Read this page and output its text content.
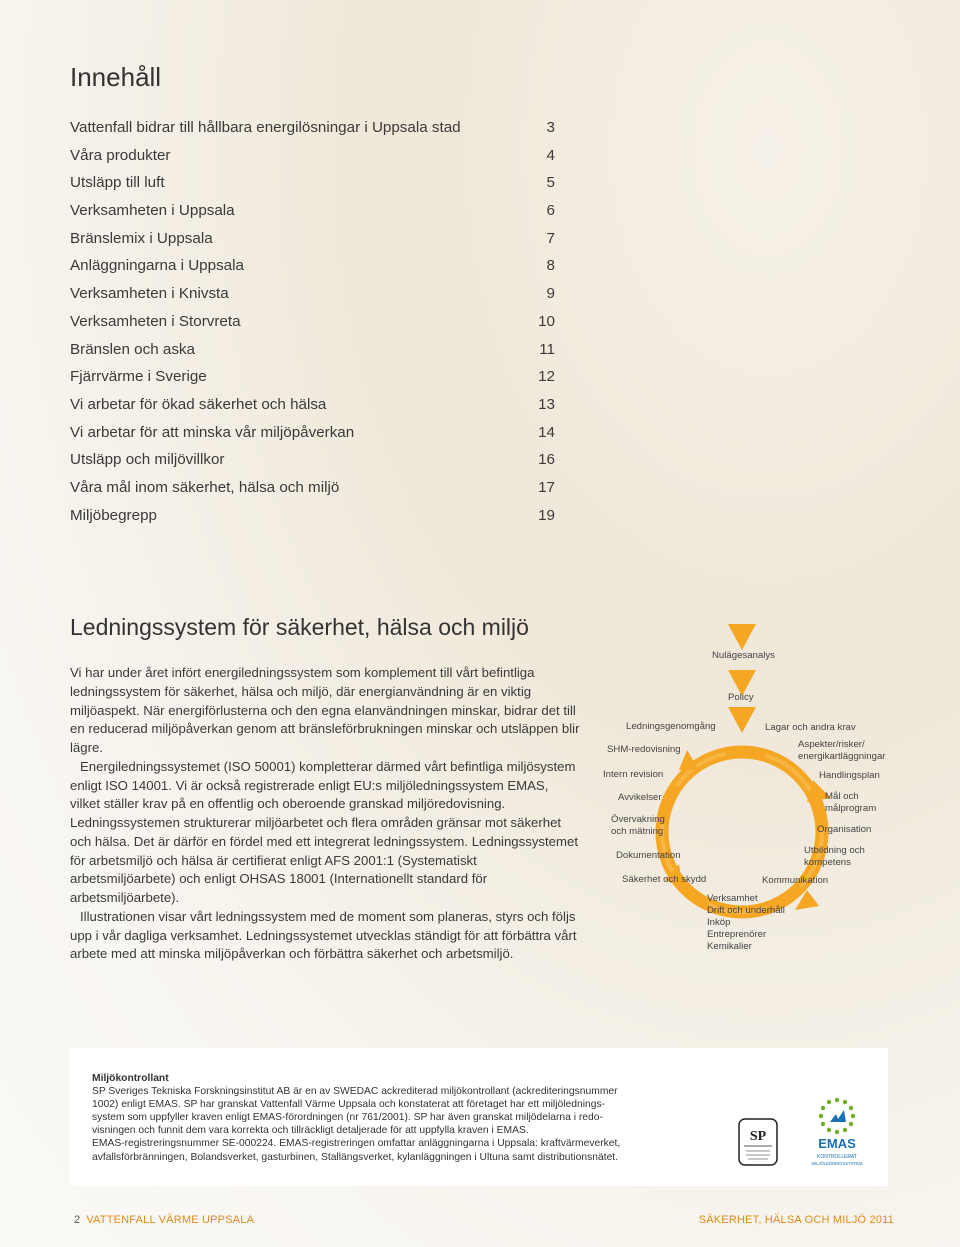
Innehåll
Vattenfall bidrar till hållbara energilösningar i Uppsala stad	3
Våra produkter	4
Utsläpp till luft	5
Verksamheten i Uppsala	6
Bränslemix i Uppsala	7
Anläggningarna i Uppsala	8
Verksamheten i Knivsta	9
Verksamheten i Storvreta	10
Bränslen och aska	11
Fjärrvärme i Sverige	12
Vi arbetar för ökad säkerhet och hälsa	13
Vi arbetar för att minska vår miljöpåverkan	14
Utsläpp och miljövillkor	16
Våra mål inom säkerhet, hälsa och miljö	17
Miljöbegrepp	19
Ledningssystem för säkerhet, hälsa och miljö

Vi har under året infört energiledningssystem som komplement till vårt befintliga ledningssystem för säkerhet, hälsa och miljö, där energianvändning är en viktig miljöaspekt. När energiförlusterna och den egna elanvändningen minskar, bidrar det till en reducerad miljöpåverkan genom att bränsleförbrukningen minskar och utsläppen blir lägre.

Energiledningssystemet (ISO 50001) kompletterar därmed vårt befintliga miljösystem enligt ISO 14001. Vi är också registrerade enligt EU:s miljöledningssystem EMAS, vilket ställer krav på en offentlig och oberoende granskad miljöredovisning. Ledningssystemen strukturerar miljöarbetet och flera områden gränsar mot säkerhet och hälsa. Det är därför en fördel med ett integrerat ledningssystem. Ledningssystemet för arbetsmiljö och hälsa är certifierat enligt AFS 2001:1 (Systematiskt arbetsmiljöarbete) och enligt OHSAS 18001 (Internationellt standard för arbetsmiljöarbete).

Illustrationen visar vårt ledningssystem med de moment som planeras, styrs och följs upp i vår dagliga verksamhet. Ledningssystemet utvecklas ständigt för att förbättra vårt arbete med att minska miljöpåverkan och förbättra säkerhet och arbetsmiljö.

Nulägesanalys
Policy
Ledningsgenomgång	Lagar och andra krav
Aspekter/risker/
energikartläggningar
SHM-redovisning
Handlingsplan
Intern revision
Mål och
målprogram
Avvikelser
Övervakning
och mätning	Organisation
Utbildning och
kompetens
Dokumentation
Säkerhet och skydd	Kommunikation
Verksamhet
Drift och underhåll
Inköp
Entreprenörer
Kemikalier

Miljökontrollant

SP Sveriges Tekniska Forskningsinstitut AB är en av SWEDAC ackrediterad miljökontrollant (ackrediteringsnummer

1002) enligt EMAS. SP har granskat Vattenfall Värme Uppsala och konstaterat att företaget har ett miljölednings-

system som uppfyller kraven enligt EMAS-förordningen (nr 761/2001). SP har även granskat miljödelarna i redo-

visningen och funnit dem vara korrekta och tillräckligt detaljerade för att uppfylla kraven i EMAS.

EMAS-registreringsnummer SE-000224. EMAS-registreringen omfattar anläggningarna i Uppsala: kraftvärmeverket,

avfallsförbränningen, Bolandsverket, gasturbinen, Stallängsverket, kylanläggningen i Ultuna samt distributionsnätet.

SP	EMAS
KONTROLLERAT
MILJÖLEDNINGSSYSTEM
2 VATTENFALL VÄRME UPPSALA	SÄKERHET, HÄLSA OCH MILJÖ 2011
